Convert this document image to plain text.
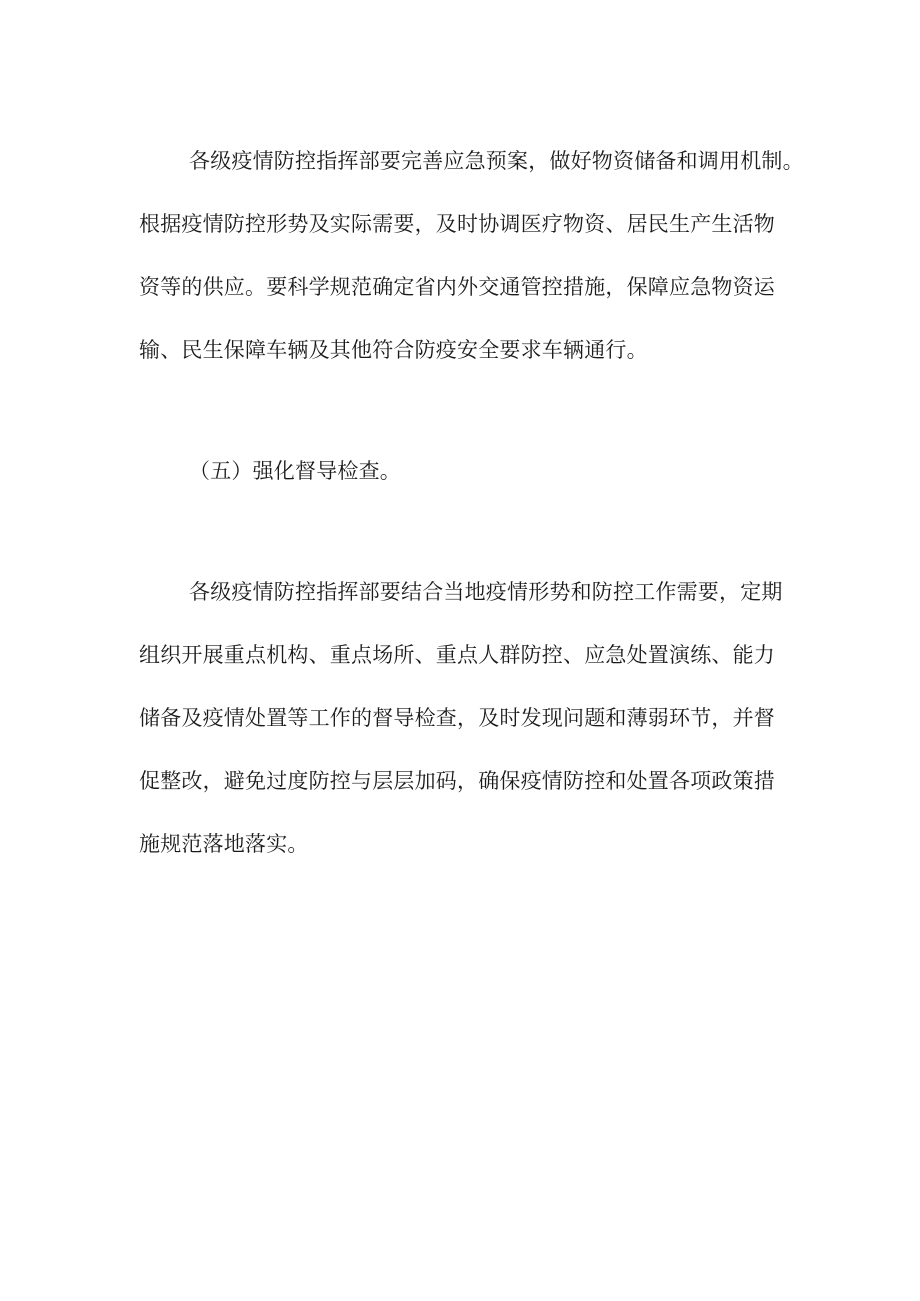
各级疫情防控指挥部要完善应急预案，做好物资储备和调用机制。
根据疫情防控形势及实际需要，及时协调医疗物资、居民生产生活物
资等的供应。要科学规范确定省内外交通管控措施，保障应急物资运
输、民生保障车辆及其他符合防疫安全要求车辆通行。
（五）强化督导检查。
各级疫情防控指挥部要结合当地疫情形势和防控工作需要，定期
组织开展重点机构、重点场所、重点人群防控、应急处置演练、能力
储备及疫情处置等工作的督导检查，及时发现问题和薄弱环节，并督
促整改，避免过度防控与层层加码，确保疫情防控和处置各项政策措
施规范落地落实。
